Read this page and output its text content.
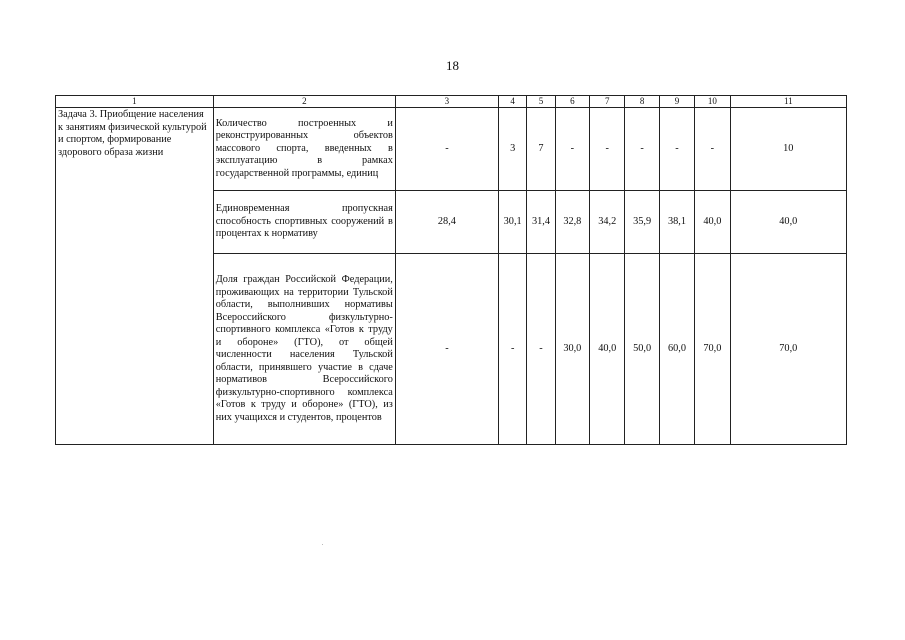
18
1	2	3	4	5	6	7	8	9	10	11
Задача 3. Приобщение населения к занятиям физической культурой и спортом, формирование здорового образа жизни	Количество построенных и реконструированных объектов массового спорта, введенных в эксплуатацию в рамках государственной программы, единиц	-	3	7	-	-	-	-	-	10
	Единовременная пропускная способность спортивных сооружений в процентах к нормативу	28,4	30,1	31,4	32,8	34,2	35,9	38,1	40,0	40,0
	Доля граждан Российской Федерации, проживающих на территории Тульской области, выполнивших нормативы Всероссийского физкультурно-спортивного комплекса «Готов к труду и обороне» (ГТО), от общей численности населения Тульской области, принявшего участие в сдаче нормативов Всероссийского физкультурно-спортивного комплекса «Готов к труду и обороне» (ГТО), из них учащихся и студентов, процентов	-	-	-	30,0	40,0	50,0	60,0	70,0	70,0
